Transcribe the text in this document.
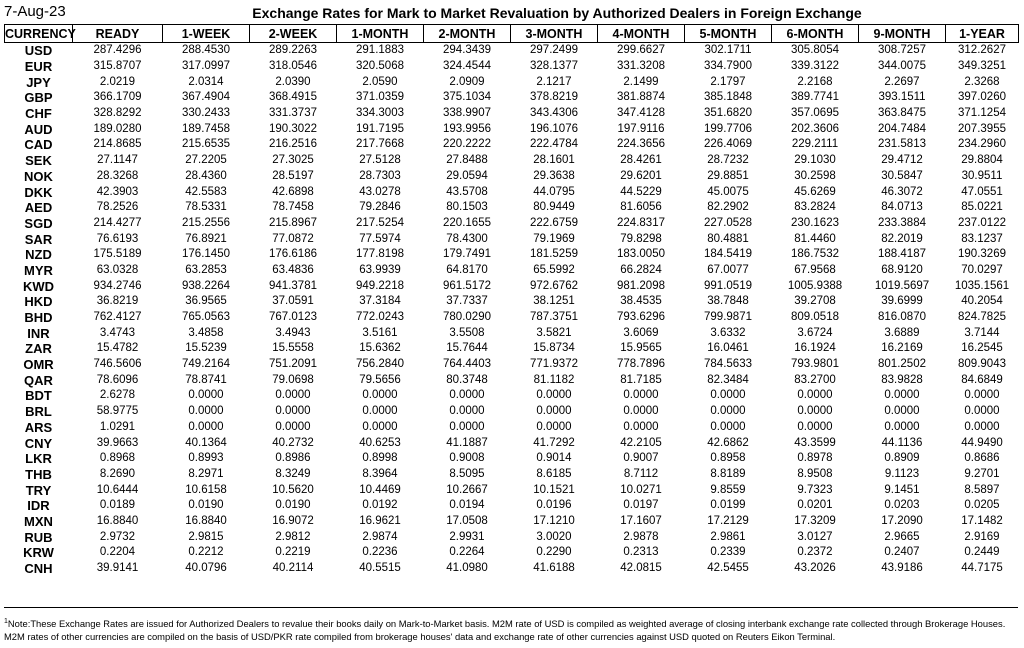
7-Aug-23	Exchange Rates for Mark to Market Revaluation by Authorized Dealers in Foreign Exchange
CURRENCY	READY	1-WEEK	2-WEEK	1-MONTH	2-MONTH	3-MONTH	4-MONTH	5-MONTH	6-MONTH	9-MONTH	1-YEAR
USD	287.4296	288.4530	289.2263	291.1883	294.3439	297.2499	299.6627	302.1711	305.8054	308.7257	312.2627
EUR	315.8707	317.0997	318.0546	320.5068	324.4544	328.1377	331.3208	334.7900	339.3122	344.0075	349.3251
JPY	2.0219	2.0314	2.0390	2.0590	2.0909	2.1217	2.1499	2.1797	2.2168	2.2697	2.3268
GBP	366.1709	367.4904	368.4915	371.0359	375.1034	378.8219	381.8874	385.1848	389.7741	393.1511	397.0260
CHF	328.8292	330.2433	331.3737	334.3003	338.9907	343.4306	347.4128	351.6820	357.0695	363.8475	371.1254
AUD	189.0280	189.7458	190.3022	191.7195	193.9956	196.1076	197.9116	199.7706	202.3606	204.7484	207.3955
CAD	214.8685	215.6535	216.2516	217.7668	220.2222	222.4784	224.3656	226.4069	229.2111	231.5813	234.2960
SEK	27.1147	27.2205	27.3025	27.5128	27.8488	28.1601	28.4261	28.7232	29.1030	29.4712	29.8804
NOK	28.3268	28.4360	28.5197	28.7303	29.0594	29.3638	29.6201	29.8851	30.2598	30.5847	30.9511
DKK	42.3903	42.5583	42.6898	43.0278	43.5708	44.0795	44.5229	45.0075	45.6269	46.3072	47.0551
AED	78.2526	78.5331	78.7458	79.2846	80.1503	80.9449	81.6056	82.2902	83.2824	84.0713	85.0221
SGD	214.4277	215.2556	215.8967	217.5254	220.1655	222.6759	224.8317	227.0528	230.1623	233.3884	237.0122
SAR	76.6193	76.8921	77.0872	77.5974	78.4300	79.1969	79.8298	80.4881	81.4460	82.2019	83.1237
NZD	175.5189	176.1450	176.6186	177.8198	179.7491	181.5259	183.0050	184.5419	186.7532	188.4187	190.3269
MYR	63.0328	63.2853	63.4836	63.9939	64.8170	65.5992	66.2824	67.0077	67.9568	68.9120	70.0297
KWD	934.2746	938.2264	941.3781	949.2218	961.5172	972.6762	981.2098	991.0519	1005.9388	1019.5697	1035.1561
HKD	36.8219	36.9565	37.0591	37.3184	37.7337	38.1251	38.4535	38.7848	39.2708	39.6999	40.2054
BHD	762.4127	765.0563	767.0123	772.0243	780.0290	787.3751	793.6296	799.9871	809.0518	816.0870	824.7825
INR	3.4743	3.4858	3.4943	3.5161	3.5508	3.5821	3.6069	3.6332	3.6724	3.6889	3.7144
ZAR	15.4782	15.5239	15.5558	15.6362	15.7644	15.8734	15.9565	16.0461	16.1924	16.2169	16.2545
OMR	746.5606	749.2164	751.2091	756.2840	764.4403	771.9372	778.7896	784.5633	793.9801	801.2502	809.9043
QAR	78.6096	78.8741	79.0698	79.5656	80.3748	81.1182	81.7185	82.3484	83.2700	83.9828	84.6849
BDT	2.6278	0.0000	0.0000	0.0000	0.0000	0.0000	0.0000	0.0000	0.0000	0.0000	0.0000
BRL	58.9775	0.0000	0.0000	0.0000	0.0000	0.0000	0.0000	0.0000	0.0000	0.0000	0.0000
ARS	1.0291	0.0000	0.0000	0.0000	0.0000	0.0000	0.0000	0.0000	0.0000	0.0000	0.0000
CNY	39.9663	40.1364	40.2732	40.6253	41.1887	41.7292	42.2105	42.6862	43.3599	44.1136	44.9490
LKR	0.8968	0.8993	0.8986	0.8998	0.9008	0.9014	0.9007	0.8958	0.8978	0.8909	0.8686
THB	8.2690	8.2971	8.3249	8.3964	8.5095	8.6185	8.7112	8.8189	8.9508	9.1123	9.2701
TRY	10.6444	10.6158	10.5620	10.4469	10.2667	10.1521	10.0271	9.8559	9.7323	9.1451	8.5897
IDR	0.0189	0.0190	0.0190	0.0192	0.0194	0.0196	0.0197	0.0199	0.0201	0.0203	0.0205
MXN	16.8840	16.8840	16.9072	16.9621	17.0508	17.1210	17.1607	17.2129	17.3209	17.2090	17.1482
RUB	2.9732	2.9815	2.9812	2.9874	2.9931	3.0020	2.9878	2.9861	3.0127	2.9665	2.9169
KRW	0.2204	0.2212	0.2219	0.2236	0.2264	0.2290	0.2313	0.2339	0.2372	0.2407	0.2449
CNH	39.9141	40.0796	40.2114	40.5515	41.0980	41.6188	42.0815	42.5455	43.2026	43.9186	44.7175
$^1$Note:These Exchange Rates are issued for Authorized Dealers to revalue their books daily on Mark-to-Market basis. M2M rate of USD is compiled as weighted average of closing interbank exchange rate collected through Brokerage Houses. M2M rates of other currencies are compiled on the basis of USD/PKR rate compiled from brokerage houses' data and exchange rate of other currencies against USD quoted on Reuters Eikon Terminal.
